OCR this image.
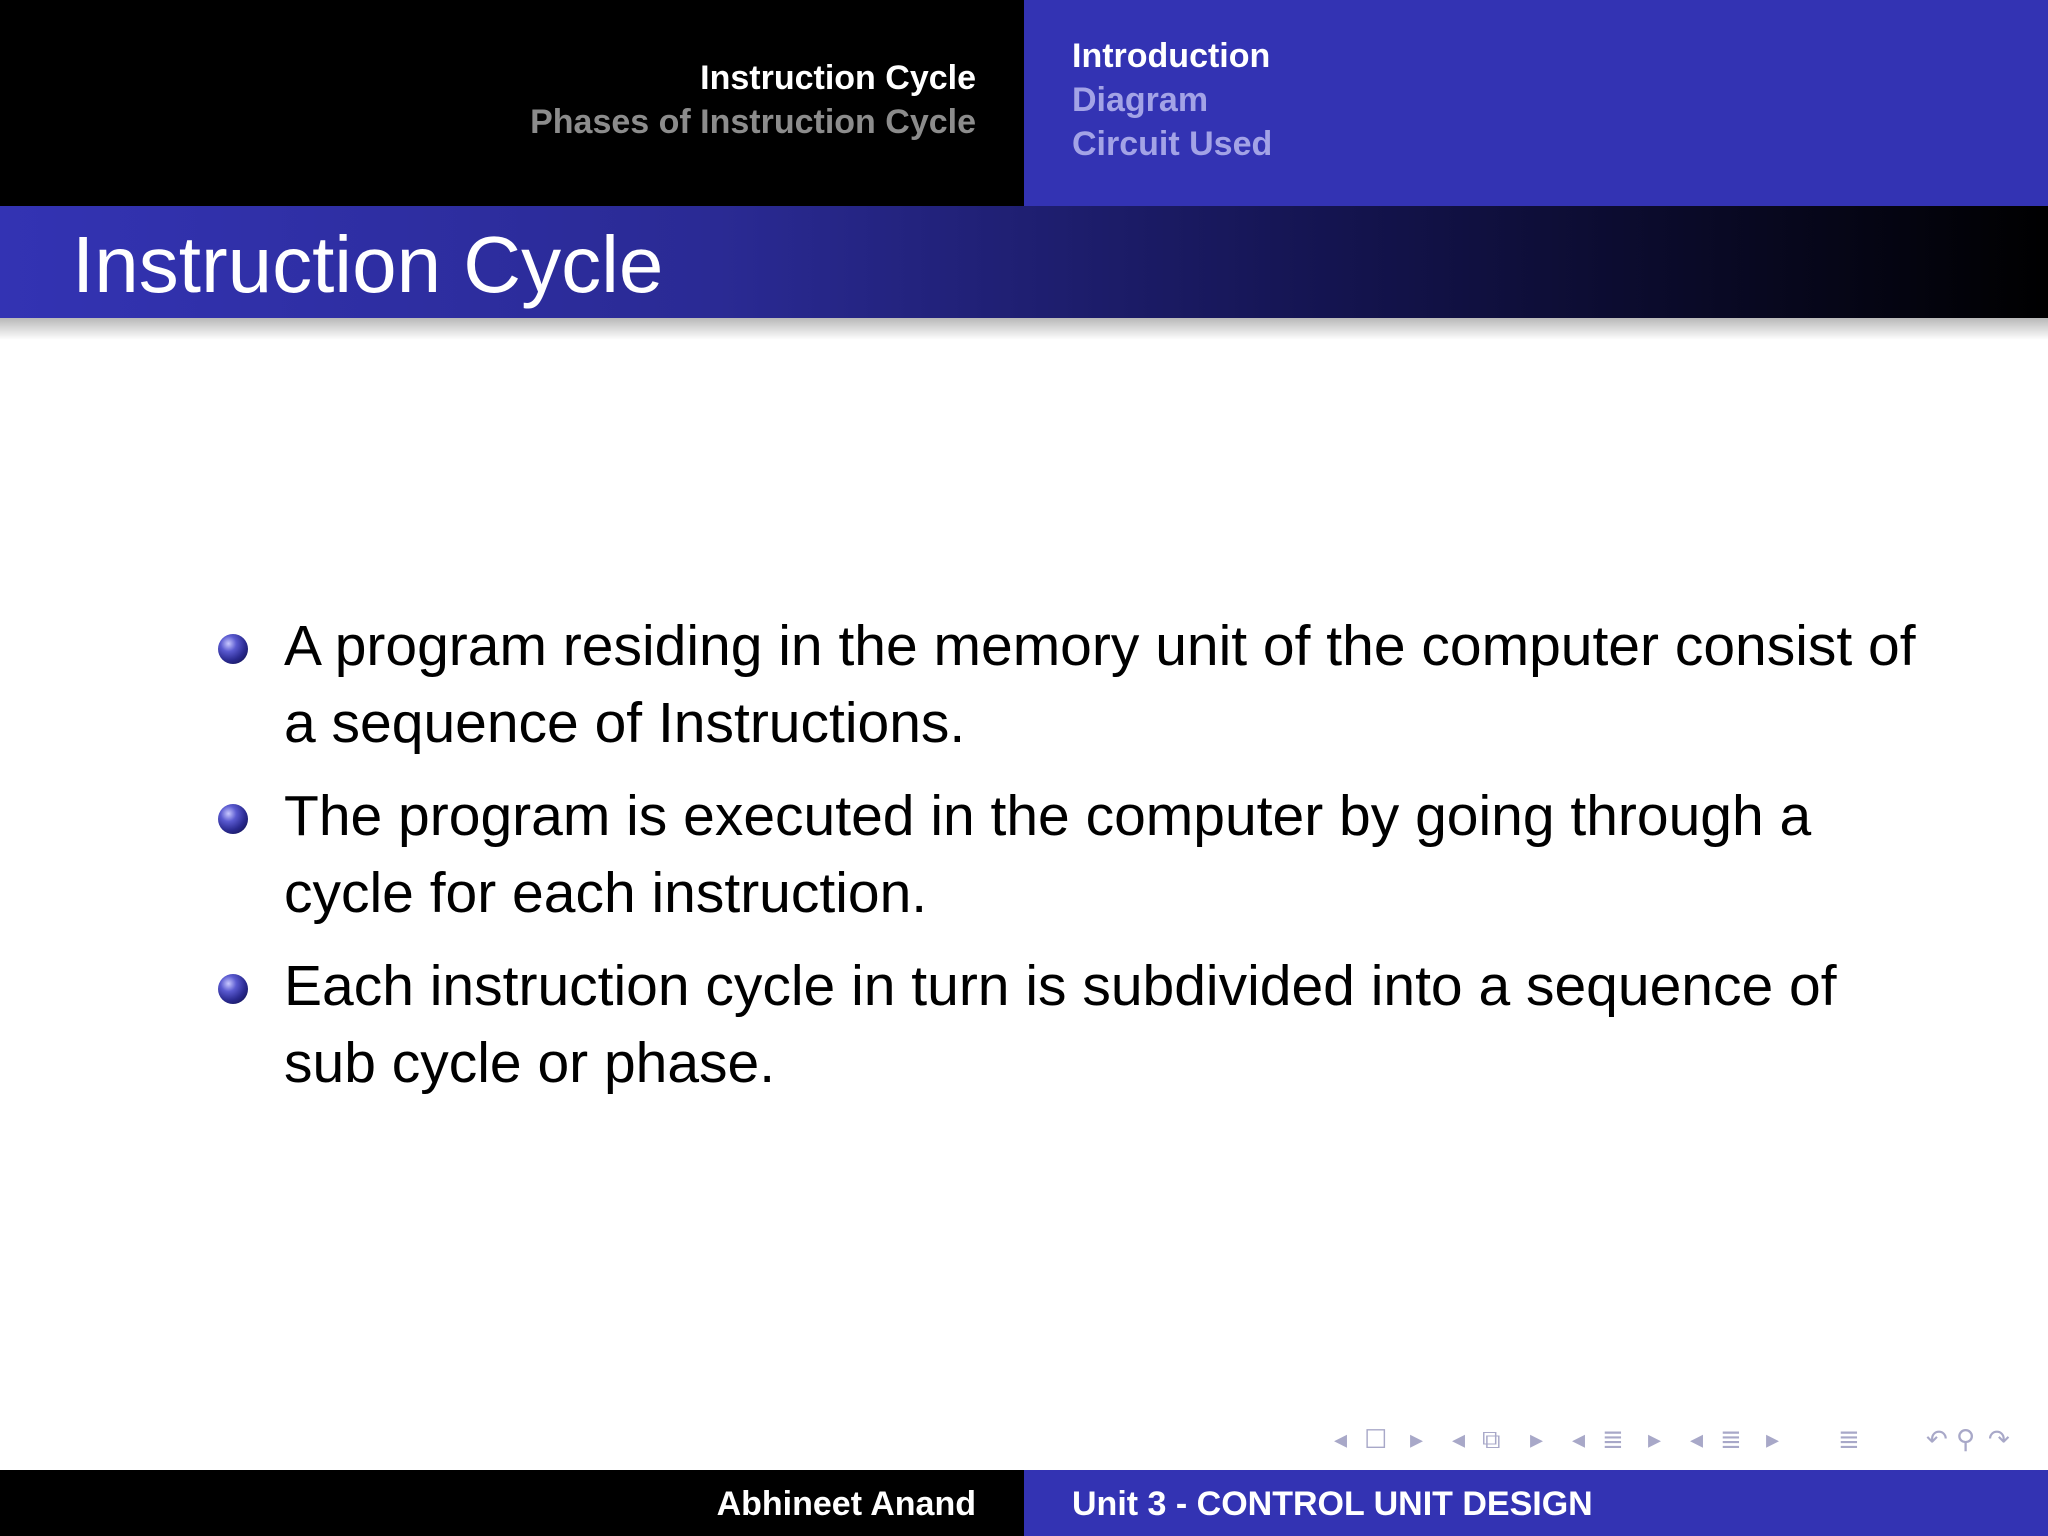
Instruction Cycle
Phases of Instruction Cycle
Introduction
Diagram
Circuit Used
Instruction Cycle
A program residing in the memory unit of the computer consist of a sequence of Instructions.
The program is executed in the computer by going through a cycle for each instruction.
Each instruction cycle in turn is subdivided into a sequence of sub cycle or phase.
◂ ☐ ▸ ◂ ⧉ ▸ ◂ ≣ ▸ ◂ ≣ ▸ ≣	↶ ⚲ ↷
Abhineet Anand	Unit 3 - CONTROL UNIT DESIGN
